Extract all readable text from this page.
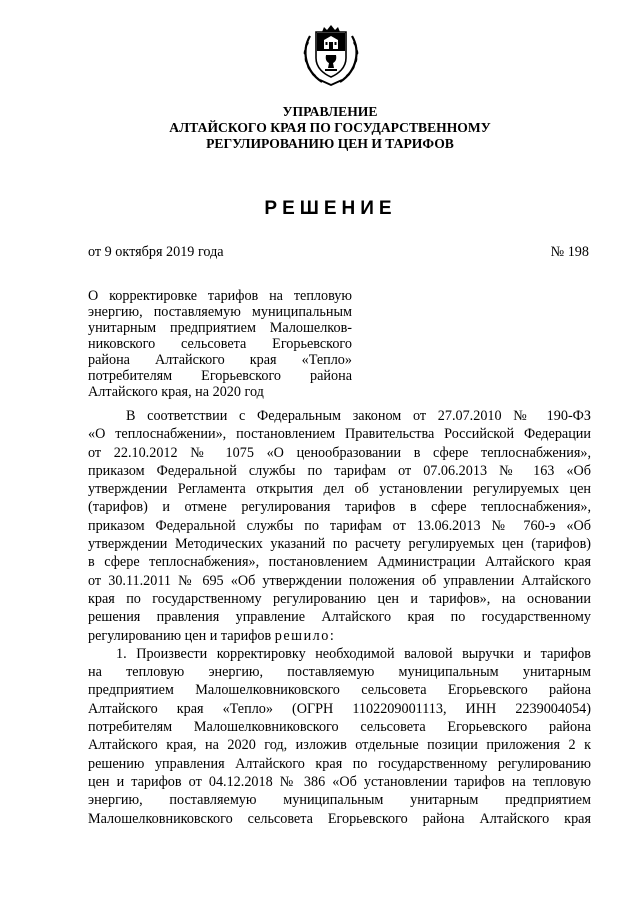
УПРАВЛЕНИЕ
АЛТАЙСКОГО КРАЯ ПО ГОСУДАРСТВЕННОМУ
РЕГУЛИРОВАНИЮ ЦЕН И ТАРИФОВ
РЕШЕНИЕ
от 9 октября 2019 года	№ 198
О корректировке тарифов на тепловую
энергию, поставляемую муниципальным
унитарным предприятием Малошелков-
никовского сельсовета Егорьевского
района Алтайского края «Тепло»
потребителям Егорьевского района
Алтайского края, на 2020 год
В соответствии с Федеральным законом от 27.07.2010 № 190-ФЗ
«О теплоснабжении», постановлением Правительства Российской Федерации
от 22.10.2012 № 1075 «О ценообразовании в сфере теплоснабжения»,
приказом Федеральной службы по тарифам от 07.06.2013 № 163 «Об
утверждении Регламента открытия дел об установлении регулируемых цен
(тарифов) и отмене регулирования тарифов в сфере теплоснабжения»,
приказом Федеральной службы по тарифам от 13.06.2013 № 760-э «Об
утверждении Методических указаний по расчету регулируемых цен (тарифов)
в сфере теплоснабжения», постановлением Администрации Алтайского края
от 30.11.2011 № 695 «Об утверждении положения об управлении Алтайского
края по государственному регулированию цен и тарифов», на основании
решения правления управление Алтайского края по государственному
регулированию цен и тарифов решило:
1. Произвести корректировку необходимой валовой выручки и тарифов
на тепловую энергию, поставляемую муниципальным унитарным
предприятием Малошелковниковского сельсовета Егорьевского района
Алтайского края «Тепло» (ОГРН 1102209001113, ИНН 2239004054)
потребителям Малошелковниковского сельсовета Егорьевского района
Алтайского края, на 2020 год, изложив отдельные позиции приложения 2 к
решению управления Алтайского края по государственному регулированию
цен и тарифов от 04.12.2018 № 386 «Об установлении тарифов на тепловую
энергию, поставляемую муниципальным унитарным предприятием
Малошелковниковского сельсовета Егорьевского района Алтайского края
